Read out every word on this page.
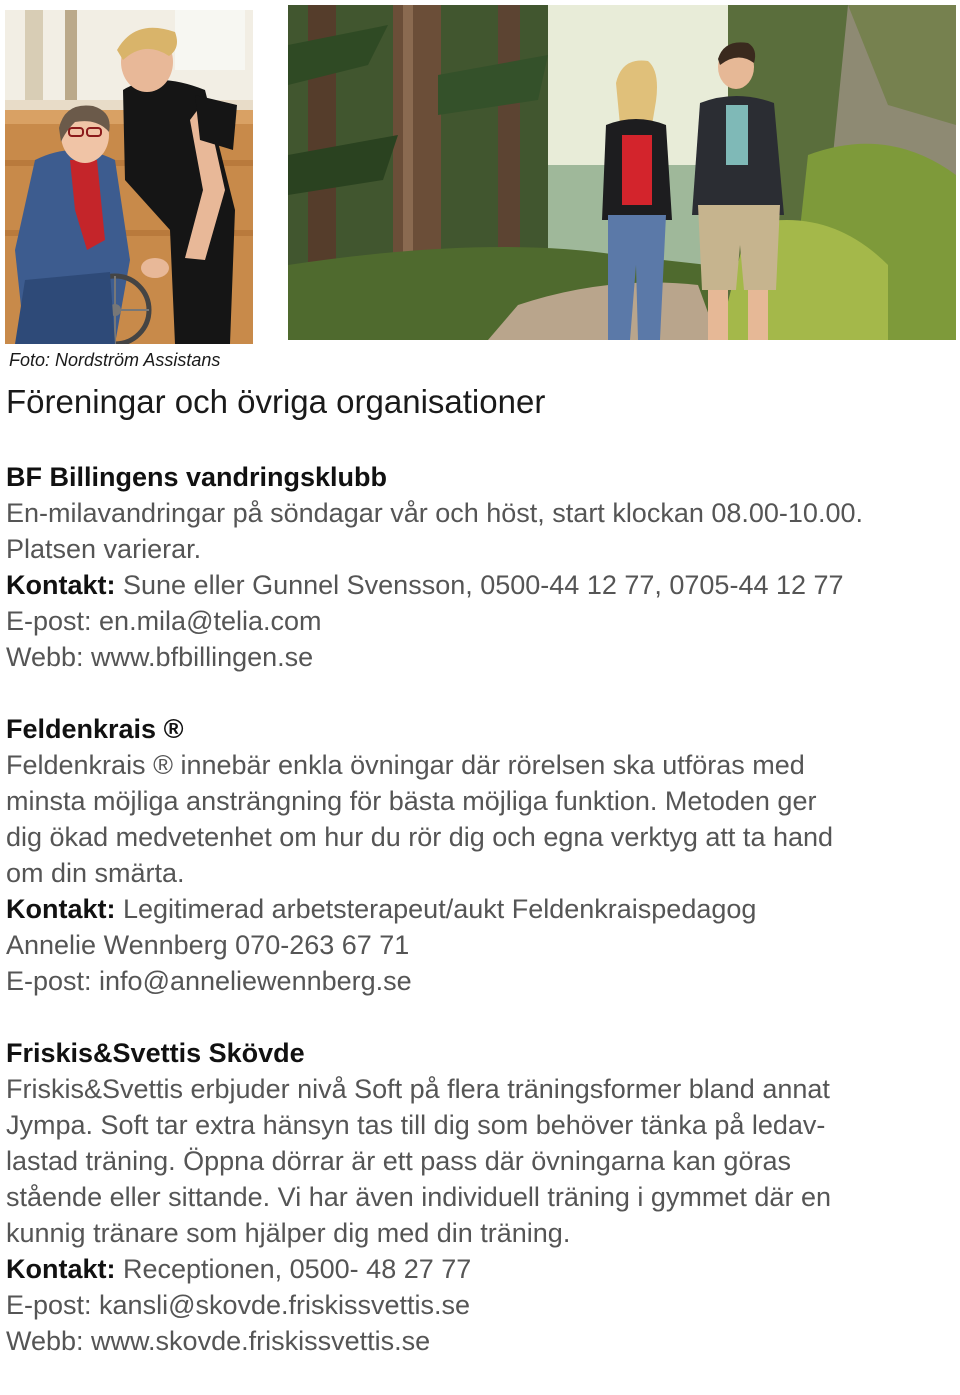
Foto: Nordström Assistans
Föreningar och övriga organisationer

BF Billingens vandringsklubb

En-milavandringar på söndagar vår och höst, start klockan 08.00-10.00.

Platsen varierar.

Kontakt: Sune eller Gunnel Svensson, 0500-44 12 77, 0705-44 12 77

E-post: en.mila@telia.com

Webb: www.bfbillingen.se

Feldenkrais ®

Feldenkrais ® innebär enkla övningar där rörelsen ska utföras med

minsta möjliga ansträngning för bästa möjliga funktion. Metoden ger

dig ökad medvetenhet om hur du rör dig och egna verktyg att ta hand

om din smärta.

Kontakt: Legitimerad arbetsterapeut/aukt Feldenkraispedagog

Annelie Wennberg 070-263 67 71

E-post: info@anneliewennberg.se

Friskis&Svettis Skövde

Friskis&Svettis erbjuder nivå Soft på flera träningsformer bland annat

Jympa. Soft tar extra hänsyn tas till dig som behöver tänka på ledav-

lastad träning. Öppna dörrar är ett pass där övningarna kan göras

stående eller sittande. Vi har även individuell träning i gymmet där en

kunnig tränare som hjälper dig med din träning.

Kontakt: Receptionen, 0500- 48 27 77

E-post: kansli@skovde.friskissvettis.se

Webb: www.skovde.friskissvettis.se
